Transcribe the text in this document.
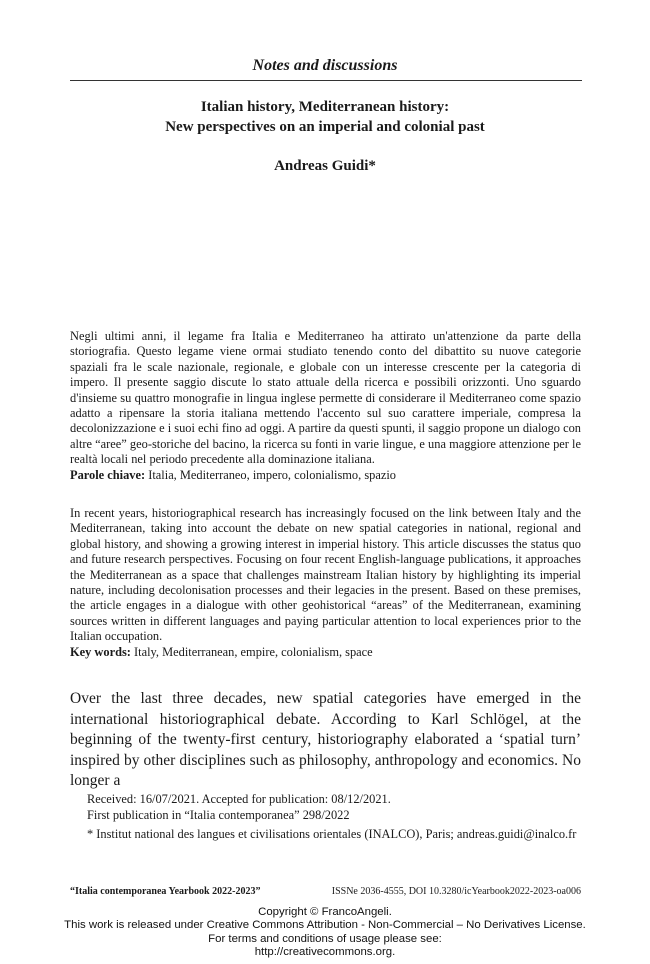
Notes and discussions
Italian history, Mediterranean history:
New perspectives on an imperial and colonial past
Andreas Guidi*
Negli ultimi anni, il legame fra Italia e Mediterraneo ha attirato un'attenzione da parte della storiografia. Questo legame viene ormai studiato tenendo conto del dibattito su nuove categorie spaziali fra le scale nazionale, regionale, e globale con un interesse crescente per la categoria di impero. Il presente saggio discute lo stato attuale della ricerca e possibili orizzonti. Uno sguardo d'insieme su quattro monografie in lingua inglese permette di considerare il Mediterraneo come spazio adatto a ripensare la storia italiana mettendo l'accento sul suo carattere imperiale, compresa la decolonizzazione e i suoi echi fino ad oggi. A partire da questi spunti, il saggio propone un dialogo con altre “aree” geo-storiche del bacino, la ricerca su fonti in varie lingue, e una maggiore attenzione per le realtà locali nel periodo precedente alla dominazione italiana.
Parole chiave: Italia, Mediterraneo, impero, colonialismo, spazio
In recent years, historiographical research has increasingly focused on the link between Italy and the Mediterranean, taking into account the debate on new spatial categories in national, regional and global history, and showing a growing interest in imperial history. This article discusses the status quo and future research perspectives. Focusing on four recent English-language publications, it approaches the Mediterranean as a space that challenges mainstream Italian history by highlighting its imperial nature, including decolonisation processes and their legacies in the present. Based on these premises, the article engages in a dialogue with other geohistorical “areas” of the Mediterranean, examining sources written in different languages and paying particular attention to local experiences prior to the Italian occupation.
Key words: Italy, Mediterranean, empire, colonialism, space
Over the last three decades, new spatial categories have emerged in the international historiographical debate. According to Karl Schlögel, at the beginning of the twenty-first century, historiography elaborated a ‘spatial turn’ inspired by other disciplines such as philosophy, anthropology and economics. No longer a
Received: 16/07/2021. Accepted for publication: 08/12/2021.
First publication in “Italia contemporanea” 298/2022
* Institut national des langues et civilisations orientales (INALCO), Paris; andreas.guidi@inalco.fr
“Italia contemporanea Yearbook 2022-2023”	ISSNe 2036-4555, DOI 10.3280/icYearbook2022-2023-oa006
Copyright © FrancoAngeli.
This work is released under Creative Commons Attribution - Non-Commercial – No Derivatives License.
For terms and conditions of usage please see:
http://creativecommons.org.
